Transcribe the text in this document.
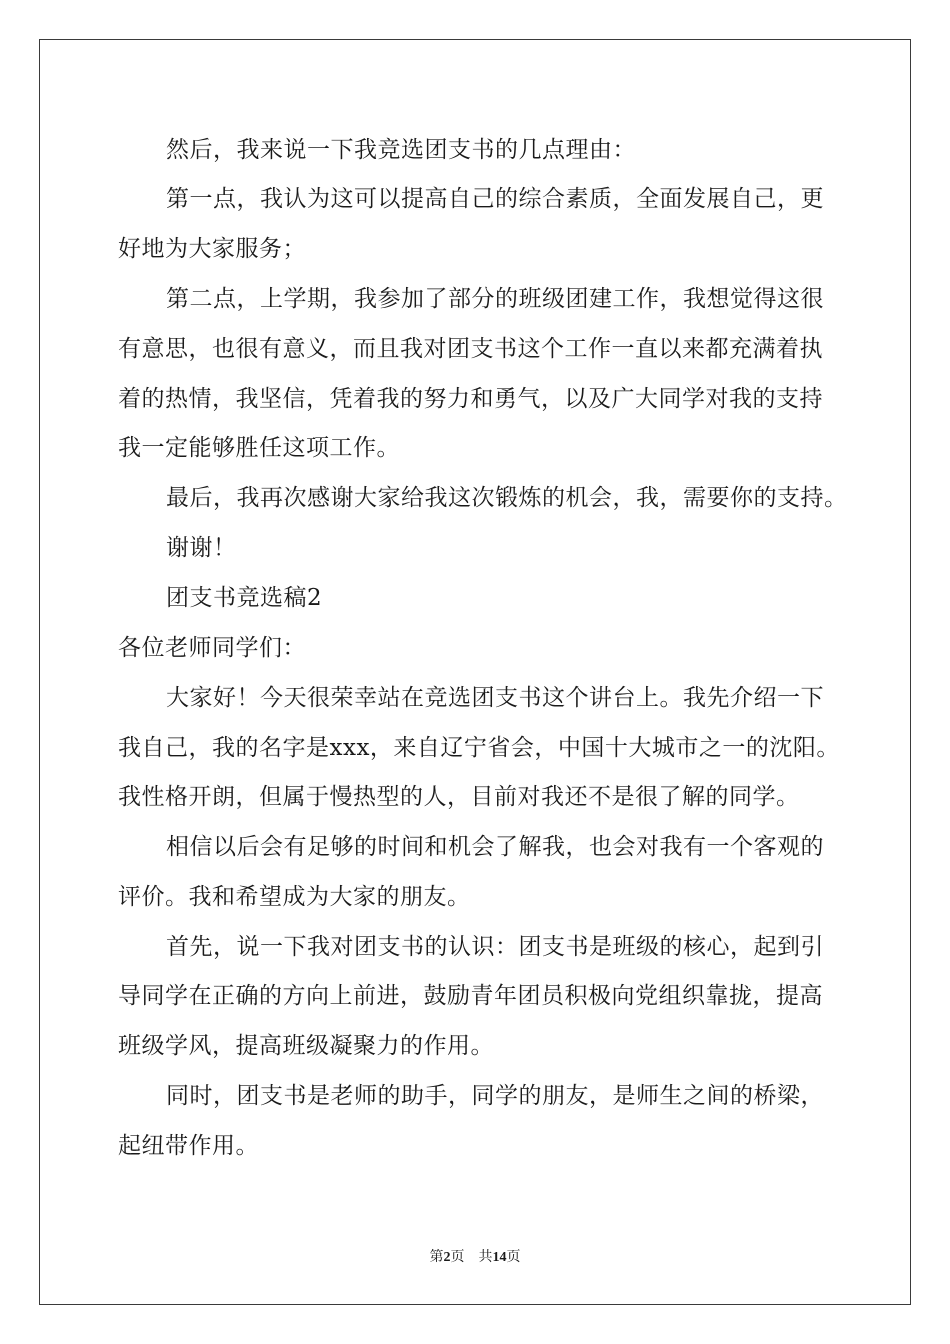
然后，我来说一下我竞选团支书的几点理由：
第一点，我认为这可以提高自己的综合素质，全面发展自己，更
好地为大家服务；
第二点，上学期，我参加了部分的班级团建工作，我想觉得这很
有意思，也很有意义，而且我对团支书这个工作一直以来都充满着执
着的热情，我坚信，凭着我的努力和勇气，以及广大同学对我的支持
我一定能够胜任这项工作。
最后，我再次感谢大家给我这次锻炼的机会，我，需要你的支持。
谢谢！
团支书竞选稿2
各位老师同学们：
大家好！今天很荣幸站在竞选团支书这个讲台上。我先介绍一下
我自己，我的名字是xxx，来自辽宁省会，中国十大城市之一的沈阳。
我性格开朗，但属于慢热型的人，目前对我还不是很了解的同学。
相信以后会有足够的时间和机会了解我，也会对我有一个客观的
评价。我和希望成为大家的朋友。
首先，说一下我对团支书的认识：团支书是班级的核心，起到引
导同学在正确的方向上前进，鼓励青年团员积极向党组织靠拢，提高
班级学风，提高班级凝聚力的作用。
同时，团支书是老师的助手，同学的朋友，是师生之间的桥梁，
起纽带作用。
第2页　共14页
